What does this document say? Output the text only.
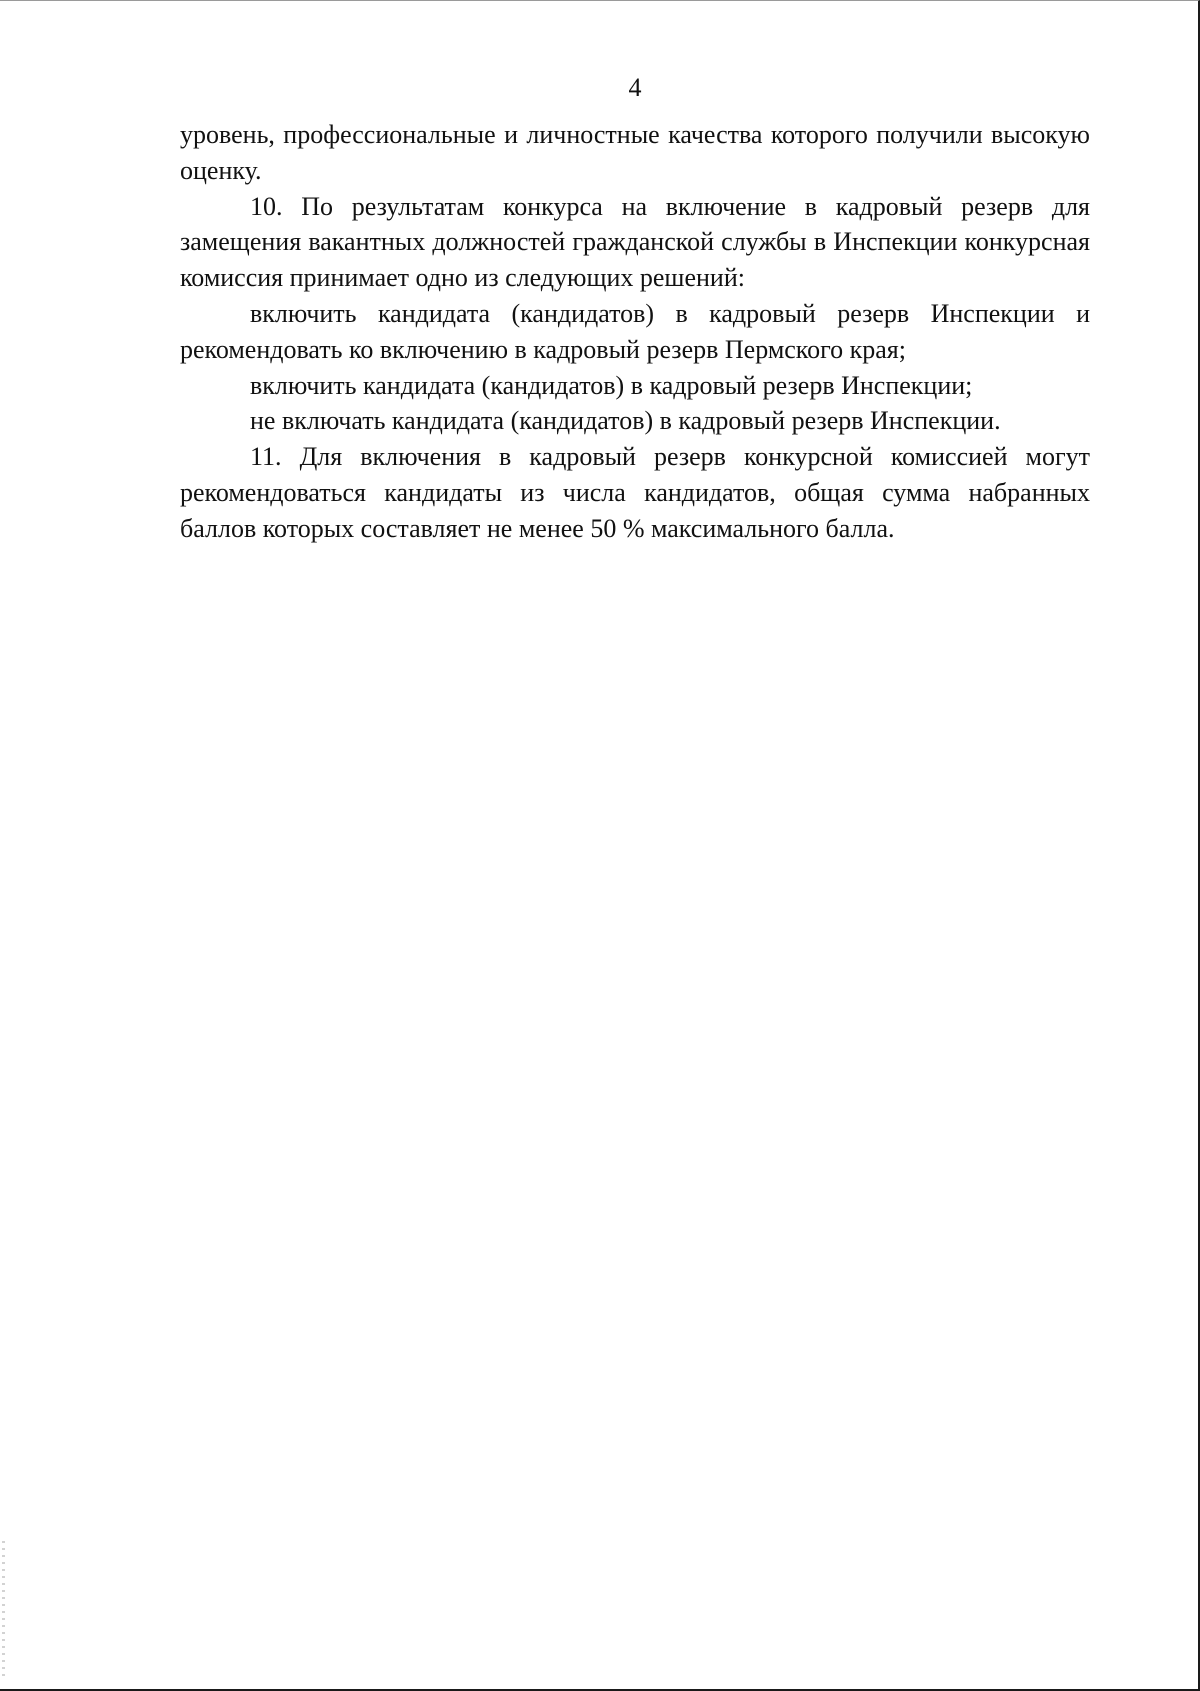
4

уровень, профессиональные и личностные качества которого получили высокую оценку.

10. По результатам конкурса на включение в кадровый резерв для замещения вакантных должностей гражданской службы в Инспекции конкурсная комиссия принимает одно из следующих решений:

включить кандидата (кандидатов) в кадровый резерв Инспекции и рекомендовать ко включению в кадровый резерв Пермского края;

включить кандидата (кандидатов) в кадровый резерв Инспекции;

не включать кандидата (кандидатов) в кадровый резерв Инспекции.

11. Для включения в кадровый резерв конкурсной комиссией могут рекомендоваться кандидаты из числа кандидатов, общая сумма набранных баллов которых составляет не менее 50 % максимального балла.
